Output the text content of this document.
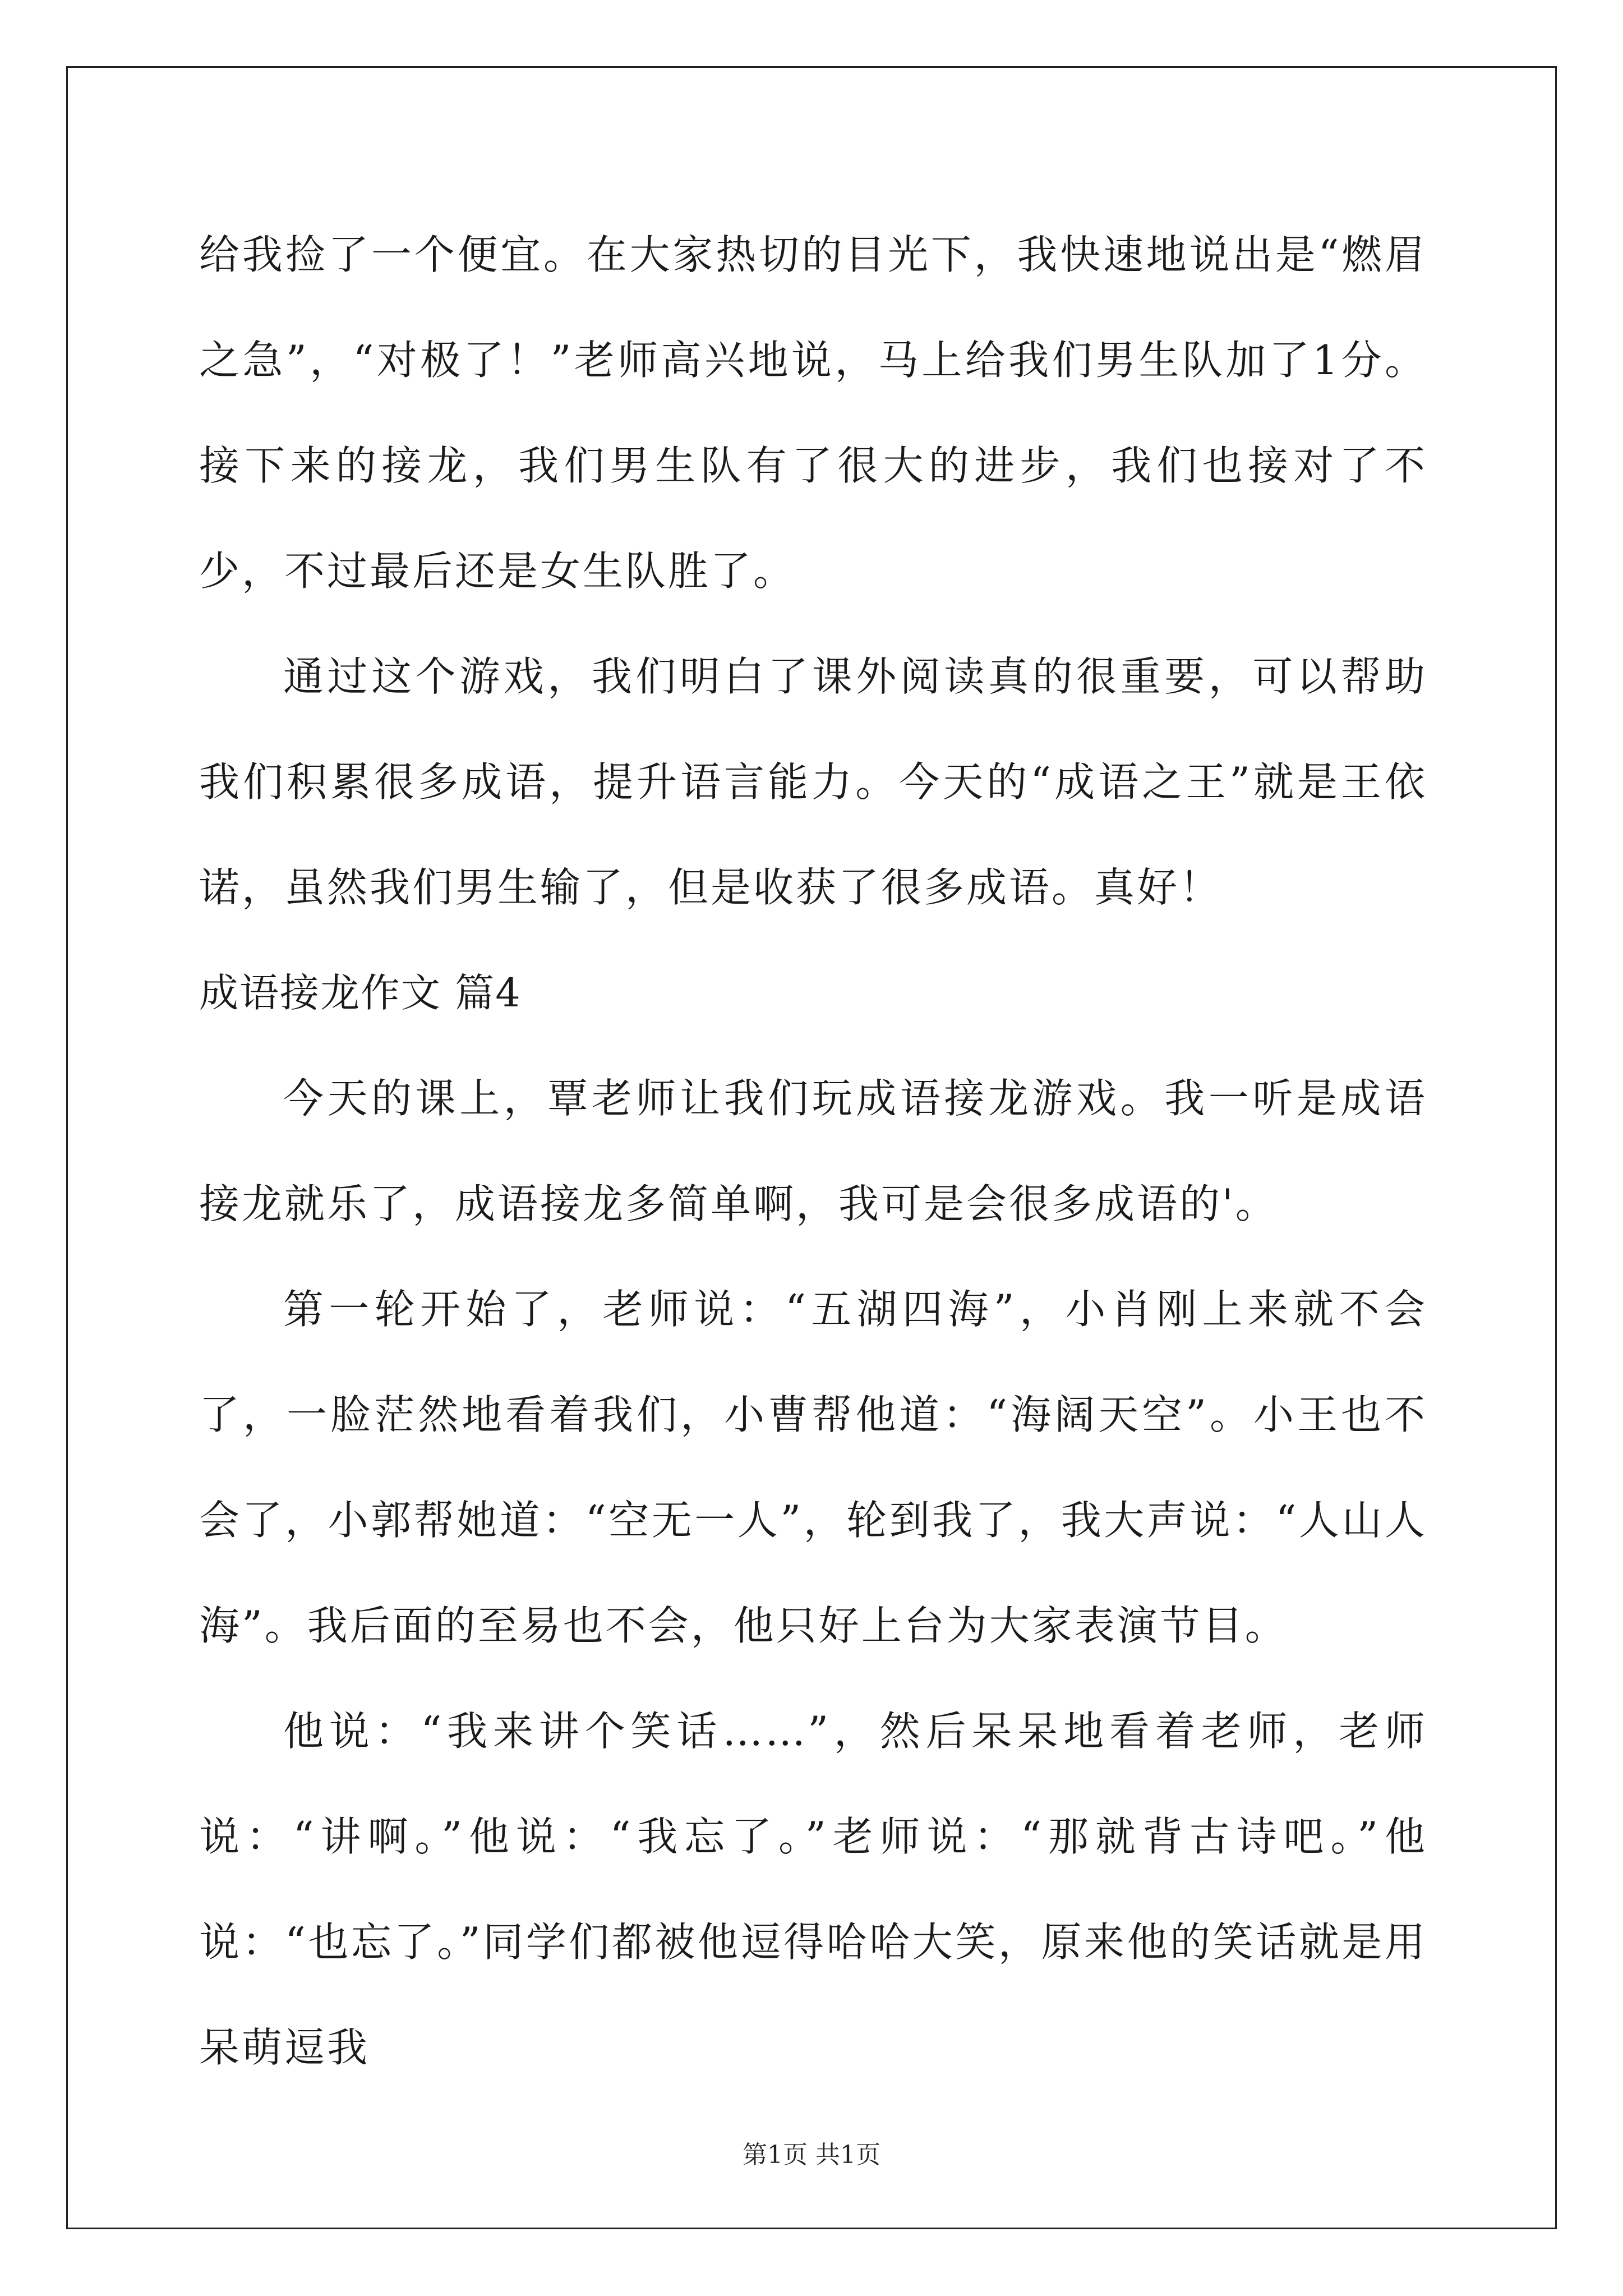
给我捡了一个便宜。在大家热切的目光下，我快速地说出是“燃眉之急”，“对极了！”老师高兴地说，马上给我们男生队加了1分。接下来的接龙，我们男生队有了很大的进步，我们也接对了不少，不过最后还是女生队胜了。

通过这个游戏，我们明白了课外阅读真的很重要，可以帮助我们积累很多成语，提升语言能力。今天的“成语之王”就是王依诺，虽然我们男生输了，但是收获了很多成语。真好！

成语接龙作文 篇4

今天的课上，覃老师让我们玩成语接龙游戏。我一听是成语接龙就乐了，成语接龙多简单啊，我可是会很多成语的'。

第一轮开始了，老师说：“五湖四海”，小肖刚上来就不会了，一脸茫然地看着我们，小曹帮他道：“海阔天空”。小王也不会了，小郭帮她道：“空无一人”，轮到我了，我大声说：“人山人海”。我后面的至易也不会，他只好上台为大家表演节目。

他说：“我来讲个笑话……”，然后呆呆地看着老师，老师说：“讲啊。”他说：“我忘了。”老师说：“那就背古诗吧。”他说：“也忘了。”同学们都被他逗得哈哈大笑，原来他的笑话就是用呆萌逗我

第1页 共1页
